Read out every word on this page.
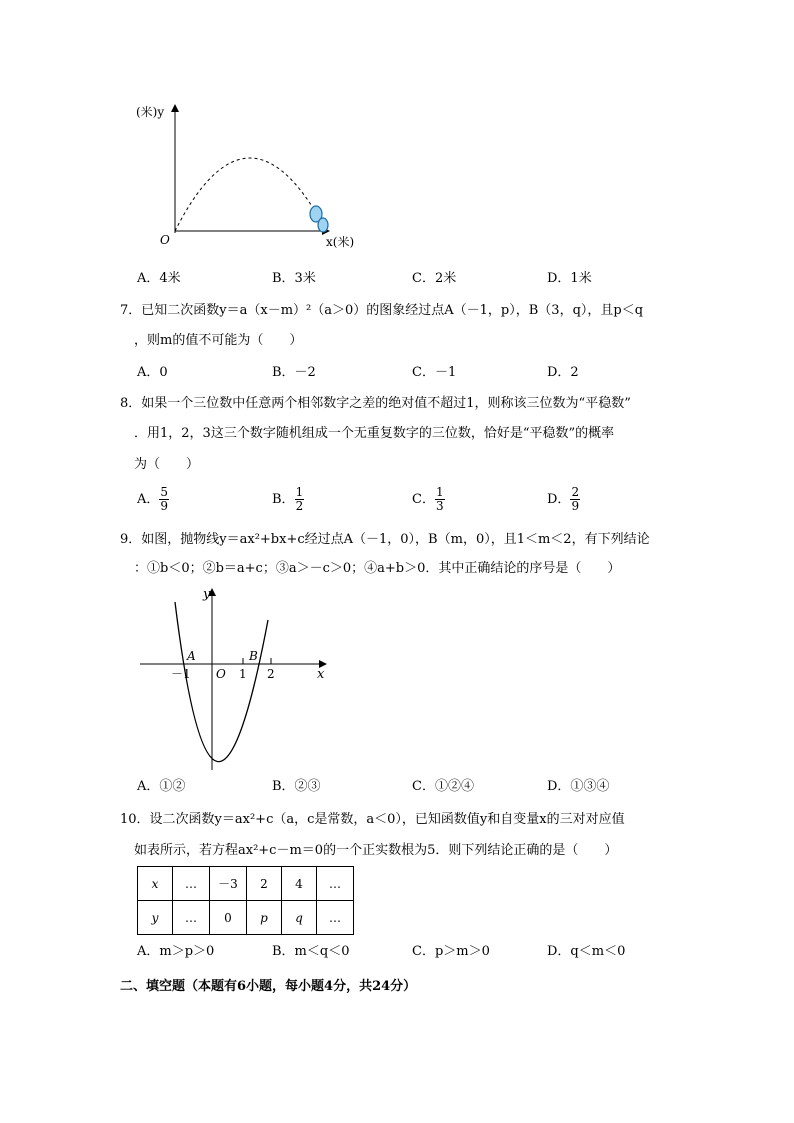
(米)y
x(米)
O
A．4米	B．3米	C．2米	D．1米
7．已知二次函数y＝a（x－m）²（a＞0）的图象经过点A（－1，p），B（3，q），且p＜q
，则m的值不可能为（　　）
A．0	B．－2	C．－1	D．2
8．如果一个三位数中任意两个相邻数字之差的绝对值不超过1，则称该三位数为“平稳数”
．用1，2，3这三个数字随机组成一个无重复数字的三位数，恰好是“平稳数”的概率
为（　　）
A． $\frac{5}{9}$	B． $\frac{1}{2}$	C． $\frac{1}{3}$	D． $\frac{2}{9}$
9．如图，抛物线y＝ax²+bx+c经过点A（－1，0），B（m，0），且1＜m＜2，有下列结论
：①b＜0；②b＝a+c；③a＞－c＞0；④a+b＞0．其中正确结论的序号是（　　）
y
x
A	B
O
－1	1 2
A．①②	B．②③	C．①②④	D．①③④
10．设二次函数y＝ax²+c（a，c是常数，a＜0），已知函数值y和自变量x的三对对应值
如表所示，若方程ax²+c－m＝0的一个正实数根为5．则下列结论正确的是（　　）
x	…	－3	2	4	…
y	…	0	p	q	…
A．m＞p＞0	B．m＜q＜0	C．p＞m＞0	D．q＜m＜0
二、填空题（本题有6小题，每小题4分，共24分）
